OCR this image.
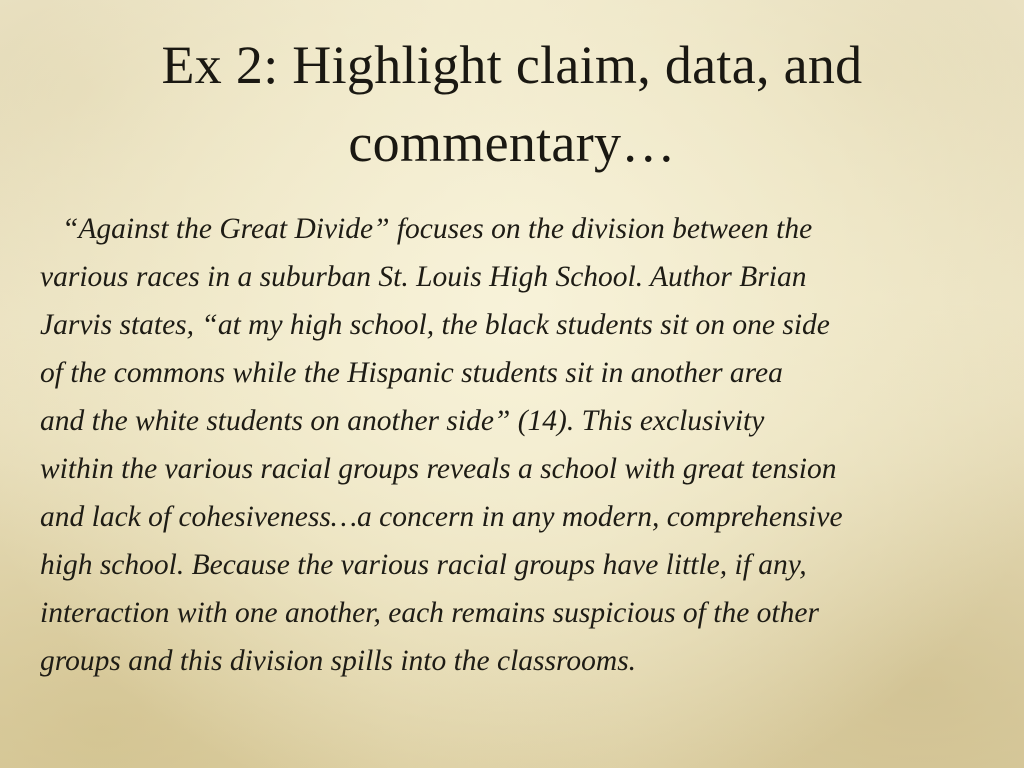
Ex 2: Highlight claim, data, and
commentary…
“Against the Great Divide” focuses on the division between the
various races in a suburban St. Louis High School. Author Brian
Jarvis states, “at my high school, the black students sit on one side
of the commons while the Hispanic students sit in another area
and the white students on another side” (14). This exclusivity
within the various racial groups reveals a school with great tension
and lack of cohesiveness…a concern in any modern, comprehensive
high school. Because the various racial groups have little, if any,
interaction with one another, each remains suspicious of the other
groups and this division spills into the classrooms.
